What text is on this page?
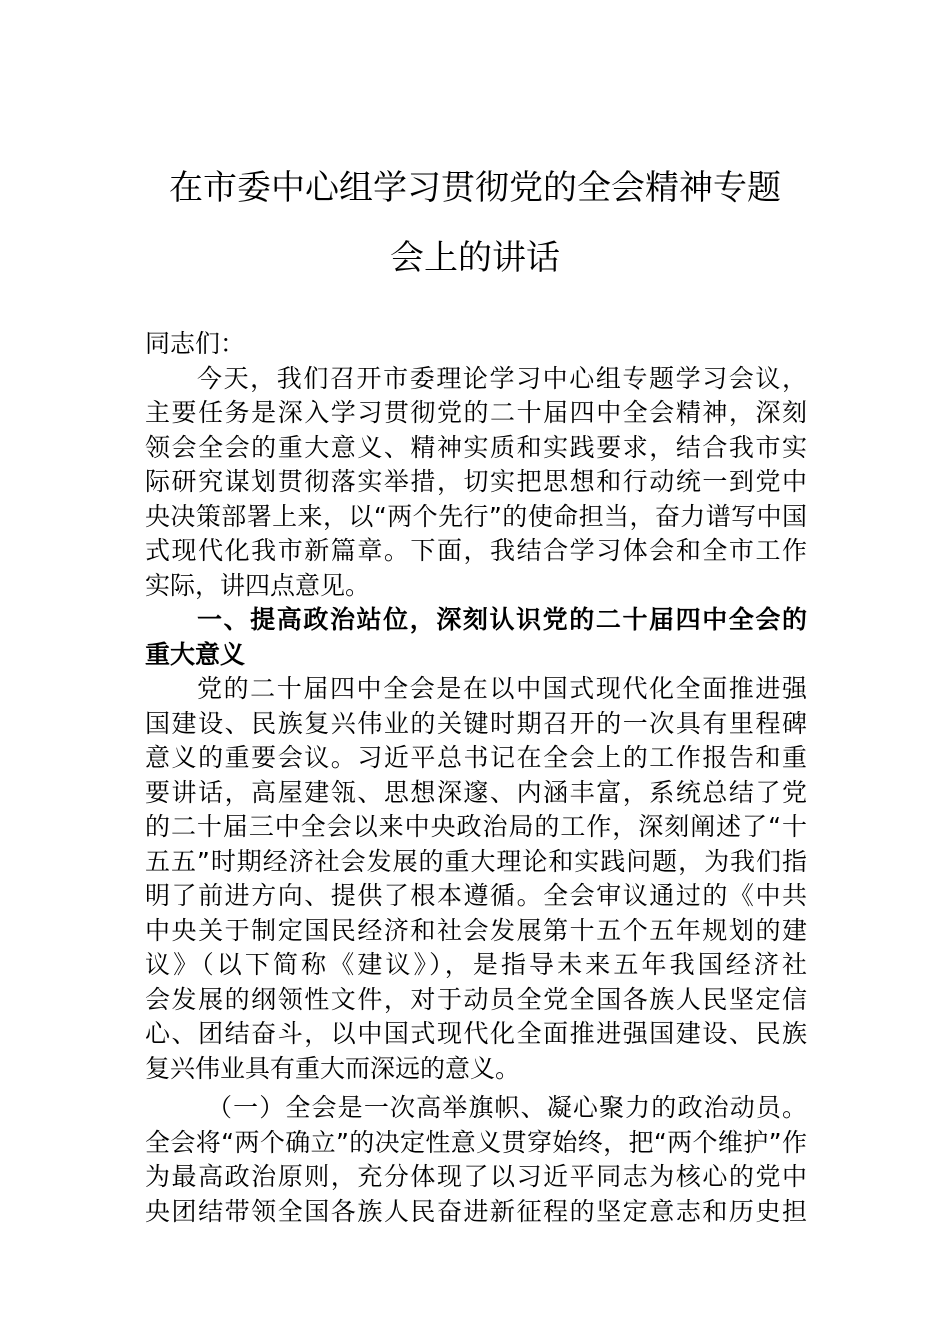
在市委中心组学习贯彻党的全会精神专题
会上的讲话
同志们：
今天，我们召开市委理论学习中心组专题学习会议，
主要任务是深入学习贯彻党的二十届四中全会精神，深刻
领会全会的重大意义、精神实质和实践要求，结合我市实
际研究谋划贯彻落实举措，切实把思想和行动统一到党中
央决策部署上来，以“两个先行”的使命担当，奋力谱写中国
式现代化我市新篇章。下面，我结合学习体会和全市工作
实际，讲四点意见。
一、提高政治站位，深刻认识党的二十届四中全会的
重大意义
党的二十届四中全会是在以中国式现代化全面推进强
国建设、民族复兴伟业的关键时期召开的一次具有里程碑
意义的重要会议。习近平总书记在全会上的工作报告和重
要讲话，高屋建瓴、思想深邃、内涵丰富，系统总结了党
的二十届三中全会以来中央政治局的工作，深刻阐述了“十
五五”时期经济社会发展的重大理论和实践问题，为我们指
明了前进方向、提供了根本遵循。全会审议通过的《中共
中央关于制定国民经济和社会发展第十五个五年规划的建
议》（以下简称《建议》），是指导未来五年我国经济社
会发展的纲领性文件，对于动员全党全国各族人民坚定信
心、团结奋斗，以中国式现代化全面推进强国建设、民族
复兴伟业具有重大而深远的意义。
（一）全会是一次高举旗帜、凝心聚力的政治动员。
全会将“两个确立”的决定性意义贯穿始终，把“两个维护”作
为最高政治原则，充分体现了以习近平同志为核心的党中
央团结带领全国各族人民奋进新征程的坚定意志和历史担
